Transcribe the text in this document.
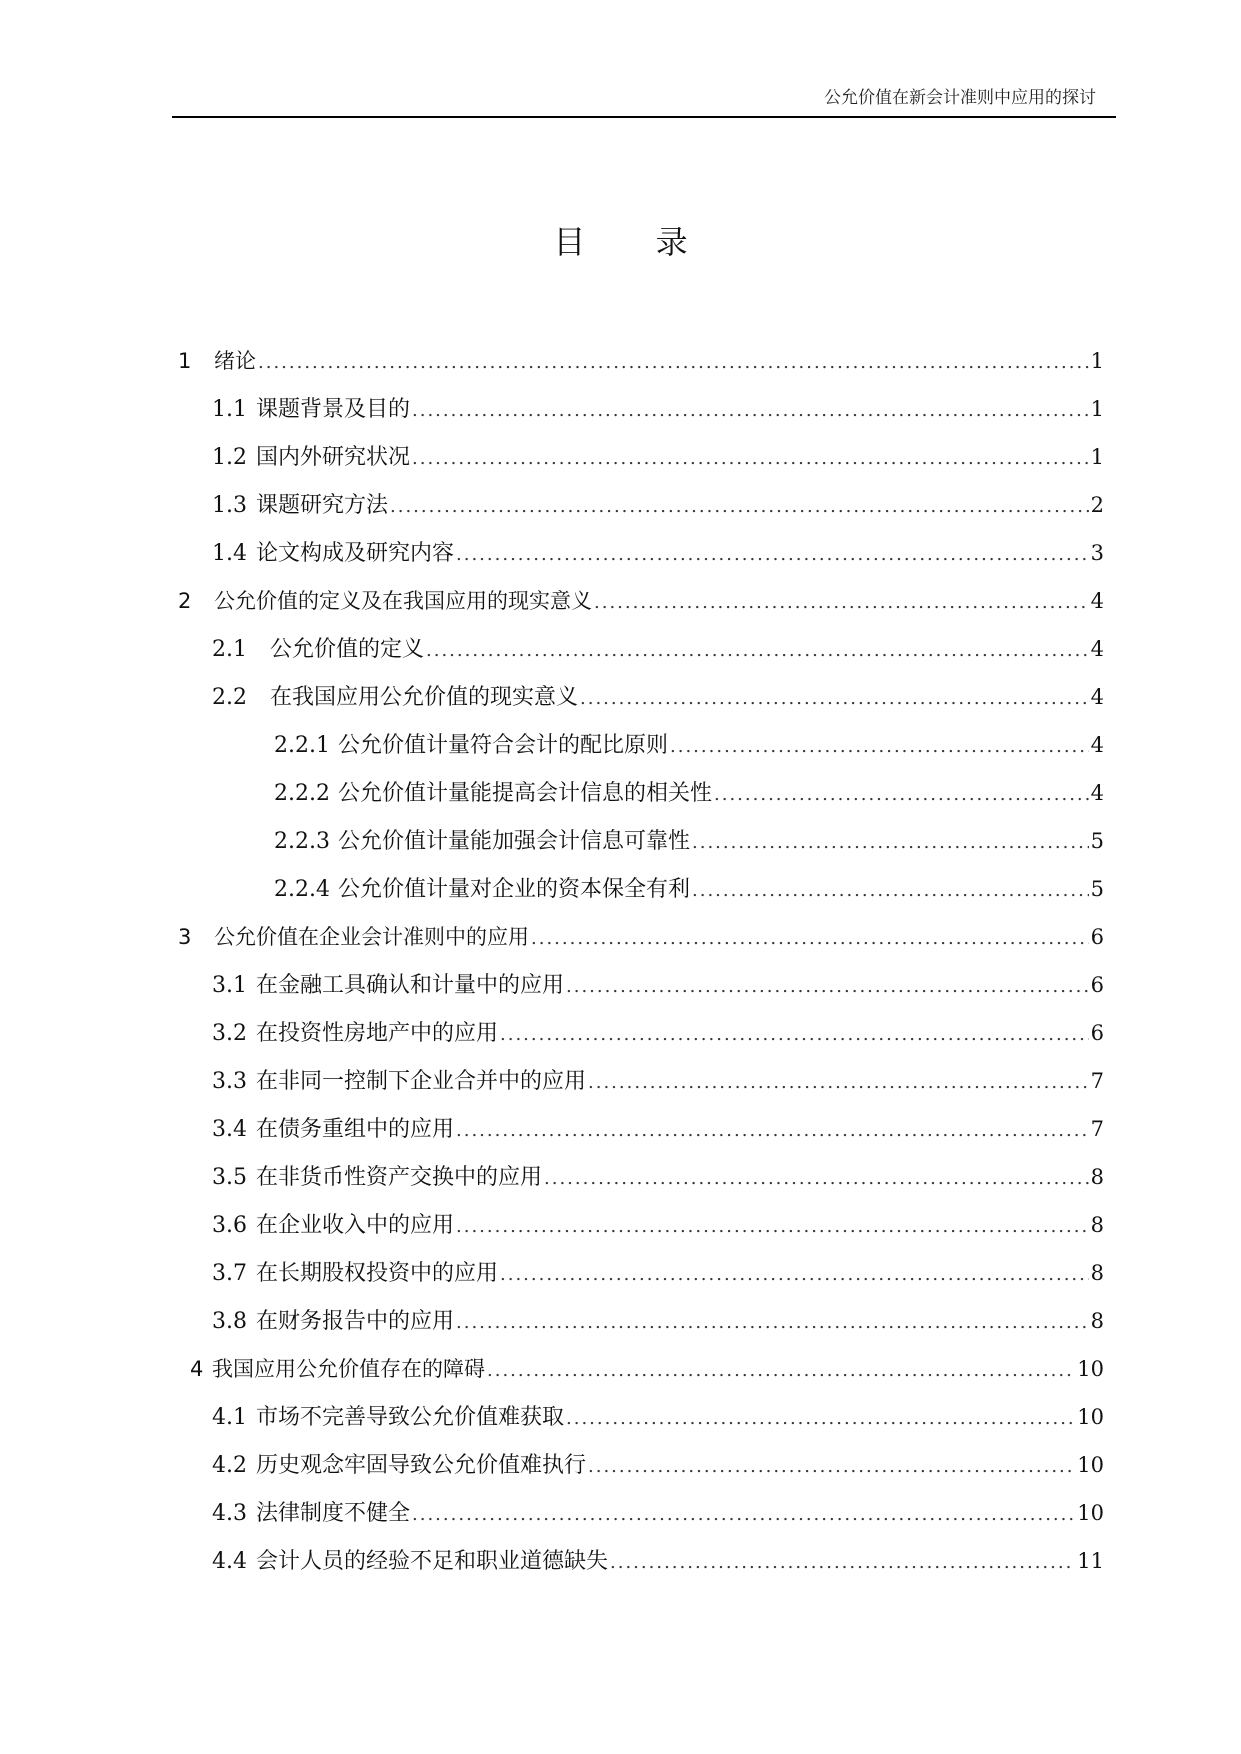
公允价值在新会计准则中应用的探讨
目 录
1	绪论 .....	1
1.1 课题背景及目的 .....	1
1.2 国内外研究状况 .....	1
1.3 课题研究方法 .....	2
1.4 论文构成及研究内容 .....	3
2	公允价值的定义及在我国应用的现实意义 .....	4
2.1	公允价值的定义 .....	4
2.2	在我国应用公允价值的现实意义 .....	4
2.2.1 公允价值计量符合会计的配比原则 .....	4
2.2.2 公允价值计量能提高会计信息的相关性 .....	4
2.2.3 公允价值计量能加强会计信息可靠性 .....	5
2.2.4 公允价值计量对企业的资本保全有利 .....	5
3	公允价值在企业会计准则中的应用 .....	6
3.1 在金融工具确认和计量中的应用 .....	6
3.2 在投资性房地产中的应用 .....	6
3.3 在非同一控制下企业合并中的应用 .....	7
3.4 在债务重组中的应用 .....	7
3.5 在非货币性资产交换中的应用 .....	8
3.6 在企业收入中的应用 .....	8
3.7 在长期股权投资中的应用 .....	8
3.8 在财务报告中的应用 .....	8
4 我国应用公允价值存在的障碍 .....	10
4.1 市场不完善导致公允价值难获取 .....	10
4.2 历史观念牢固导致公允价值难执行 .....	10
4.3 法律制度不健全 .....	10
4.4 会计人员的经验不足和职业道德缺失 .....	11
